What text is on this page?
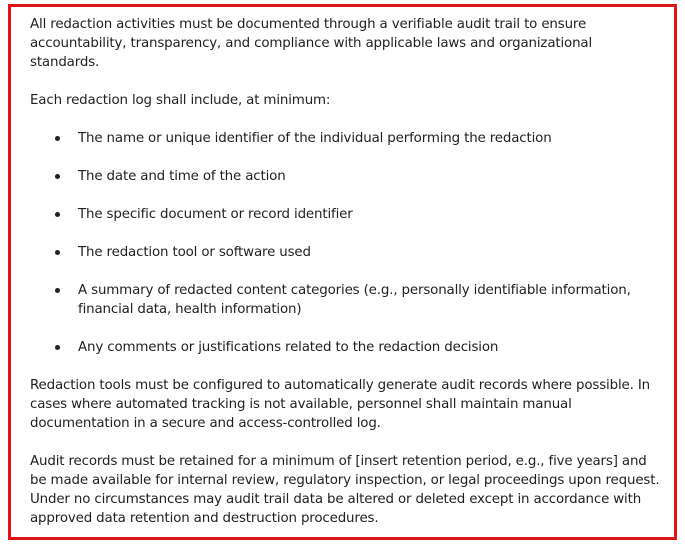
All redaction activities must be documented through a verifiable audit trail to ensure accountability, transparency, and compliance with applicable laws and organizational standards.

Each redaction log shall include, at minimum:

The name or unique identifier of the individual performing the redaction
The date and time of the action
The specific document or record identifier
The redaction tool or software used
A summary of redacted content categories (e.g., personally identifiable information, financial data, health information)
Any comments or justifications related to the redaction decision

Redaction tools must be configured to automatically generate audit records where possible. In cases where automated tracking is not available, personnel shall maintain manual documentation in a secure and access-controlled log.

Audit records must be retained for a minimum of [insert retention period, e.g., five years] and be made available for internal review, regulatory inspection, or legal proceedings upon request. Under no circumstances may audit trail data be altered or deleted except in accordance with approved data retention and destruction procedures.
